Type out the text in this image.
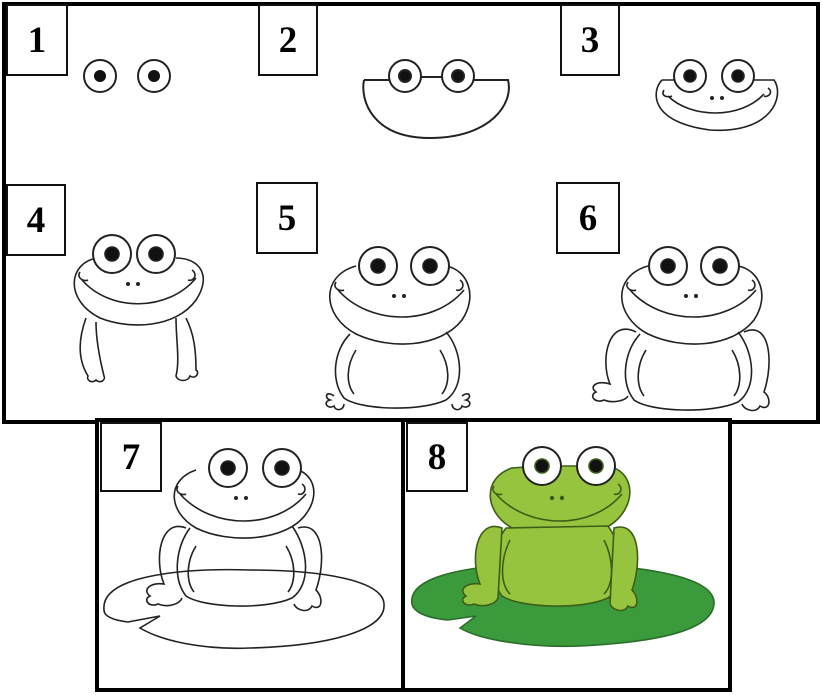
1	2	3
4	5	6
7	8
